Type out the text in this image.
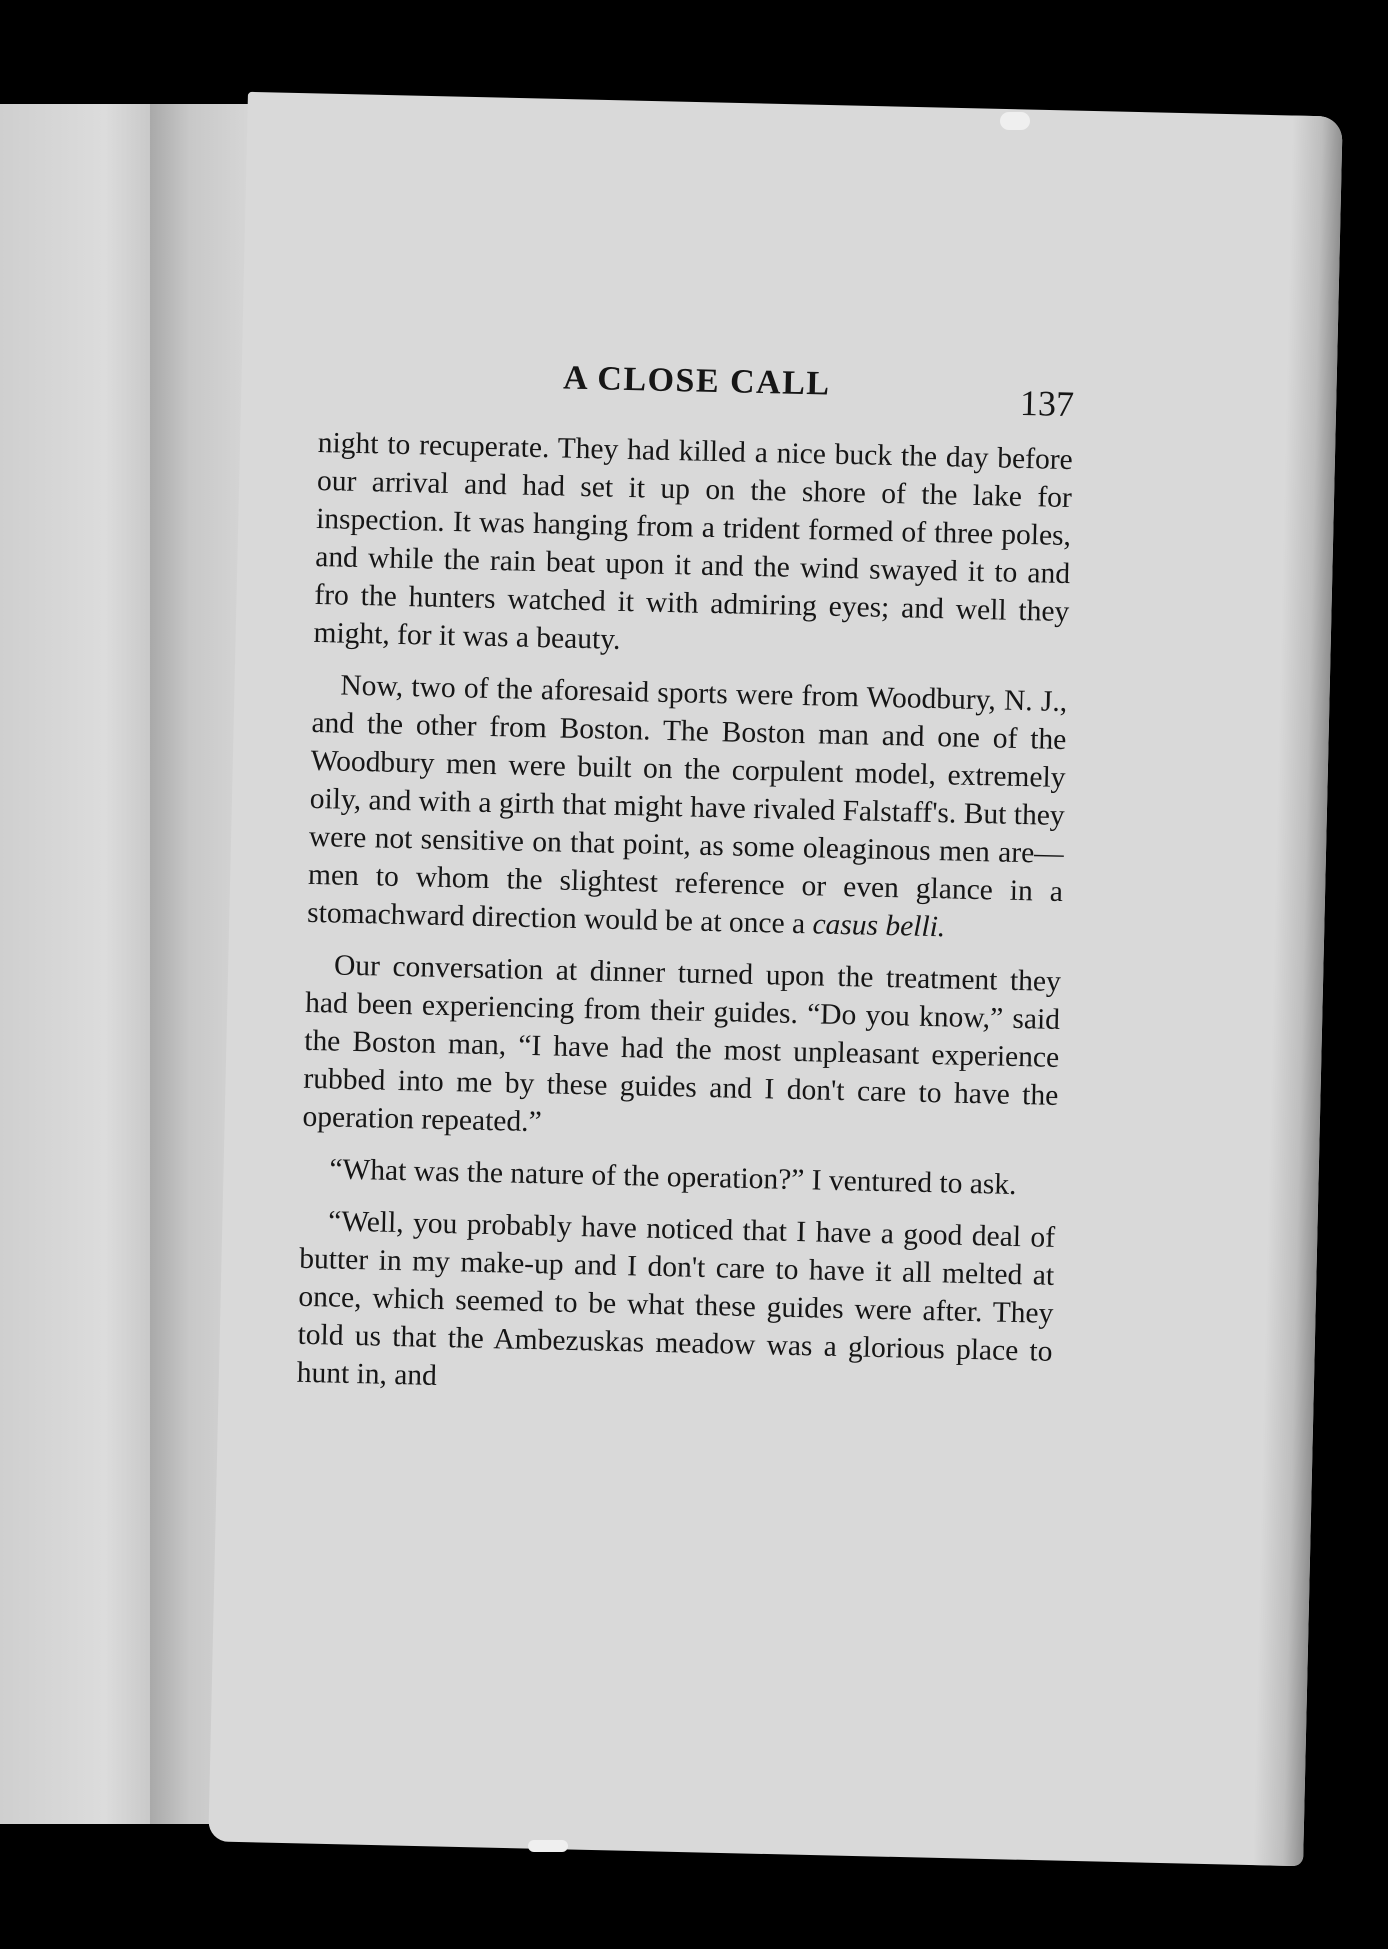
A CLOSE CALL
137

night to recuperate. They had killed a nice buck the day before our arrival and had set it up on the shore of the lake for inspection. It was hanging from a trident formed of three poles, and while the rain beat upon it and the wind swayed it to and fro the hunters watched it with admiring eyes; and well they might, for it was a beauty.

Now, two of the aforesaid sports were from Woodbury, N. J., and the other from Boston. The Boston man and one of the Woodbury men were built on the corpulent model, extremely oily, and with a girth that might have rivaled Falstaff's. But they were not sensitive on that point, as some oleaginous men are—men to whom the slightest reference or even glance in a stomachward direction would be at once a casus belli.

Our conversation at dinner turned upon the treatment they had been experiencing from their guides. “Do you know,” said the Boston man, “I have had the most unpleasant experience rubbed into me by these guides and I don't care to have the operation repeated.”

“What was the nature of the operation?” I ventured to ask.

“Well, you probably have noticed that I have a good deal of butter in my make-up and I don't care to have it all melted at once, which seemed to be what these guides were after. They told us that the Ambezuskas meadow was a glorious place to hunt in, and
